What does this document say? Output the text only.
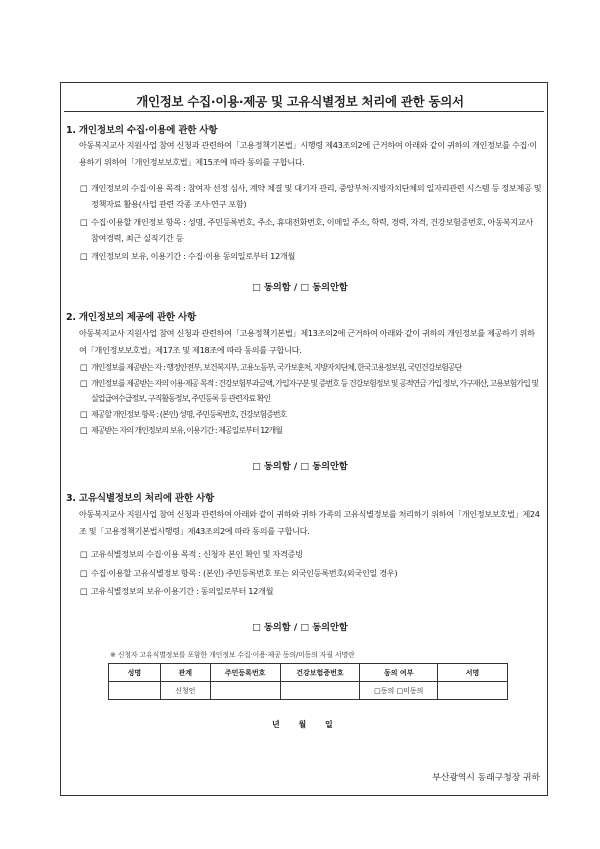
개인정보 수집·이용·제공 및 고유식별정보 처리에 관한 동의서
1. 개인정보의 수집·이용에 관한 사항
아동복지교사 지원사업 참여 신청과 관련하여「고용정책기본법」시행령 제43조의2에 근거하여 아래와 같이 귀하의 개인정보를 수집·이용하기 위하여「개인정보보호법」제15조에 따라 동의를 구합니다.
□ 개인정보의 수집·이용 목적 : 참여자 선정 심사, 계약 체결 및 대기자 관리, 중앙부처·지방자치단체의 일자리관련 시스템 등 정보제공 및 정책자료 활용(사업 관련 각종 조사·연구 포함)
□ 수집·이용할 개인정보 항목 : 성명, 주민등록번호, 주소, 휴대전화번호, 이메일 주소, 학력, 경력, 자격, 건강보험증번호, 아동복지교사 참여경력, 최근 실직기간 등
□ 개인정보의 보유, 이용기간 : 수집·이용 동의일로부터 12개월
□ 동의함 / □ 동의안함
2. 개인정보의 제공에 관한 사항
아동복지교사 지원사업 참여 신청과 관련하여「고용정책기본법」제13조의2에 근거하여 아래와 같이 귀하의 개인정보를 제공하기 위하여「개인정보보호법」제17조 및 제18조에 따라 동의를 구합니다.
□ 개인정보를 제공받는 자 : 행정안전부, 보건복지부, 고용노동부, 국가보훈처, 지방자치단체, 한국고용정보원, 국민건강보험공단
□ 개인정보를 제공받는 자의 이용·제공 목적 : 건강보험부과금액, 가입자구분 및 증번호 등 건강보험정보 및 공적연금 가입 정보, 가구재산, 고용보험가입 및 실업급여수급정보, 구직활동정보, 주민등록 등 관련자료 확인
□ 제공할 개인정보 항목 : (본인) 성명, 주민등록번호, 건강보험증번호
□ 제공받는 자의 개인정보의 보유, 이용기간 : 제공일로부터 12개월
□ 동의함 / □ 동의안함
3. 고유식별정보의 처리에 관한 사항
아동복지교사 지원사업 참여 신청과 관련하여 아래와 같이 귀하와 귀하 가족의 고유식별정보를 처리하기 위하여「개인정보보호법」제24조 및「고용정책기본법시행령」제43조의2에 따라 동의를 구합니다.
□ 고유식별정보의 수집·이용 목적 : 신청자 본인 확인 및 자격증빙
□ 수집·이용할 고유식별정보 항목 : (본인) 주민등록번호 또는 외국인등록번호(외국인일 경우)
□ 고유식별정보의 보유·이용기간 : 동의일로부터 12개월
□ 동의함 / □ 동의안함
※ 신청자 고유식별정보를 포함한 개인정보 수집·이용·제공 동의/미동의 자필 서명란
성명	관계	주민등록번호	건강보험증번호	동의 여부	서명
	신청인			□동의 □미동의	
년 월 일
부산광역시 동래구청장 귀하
